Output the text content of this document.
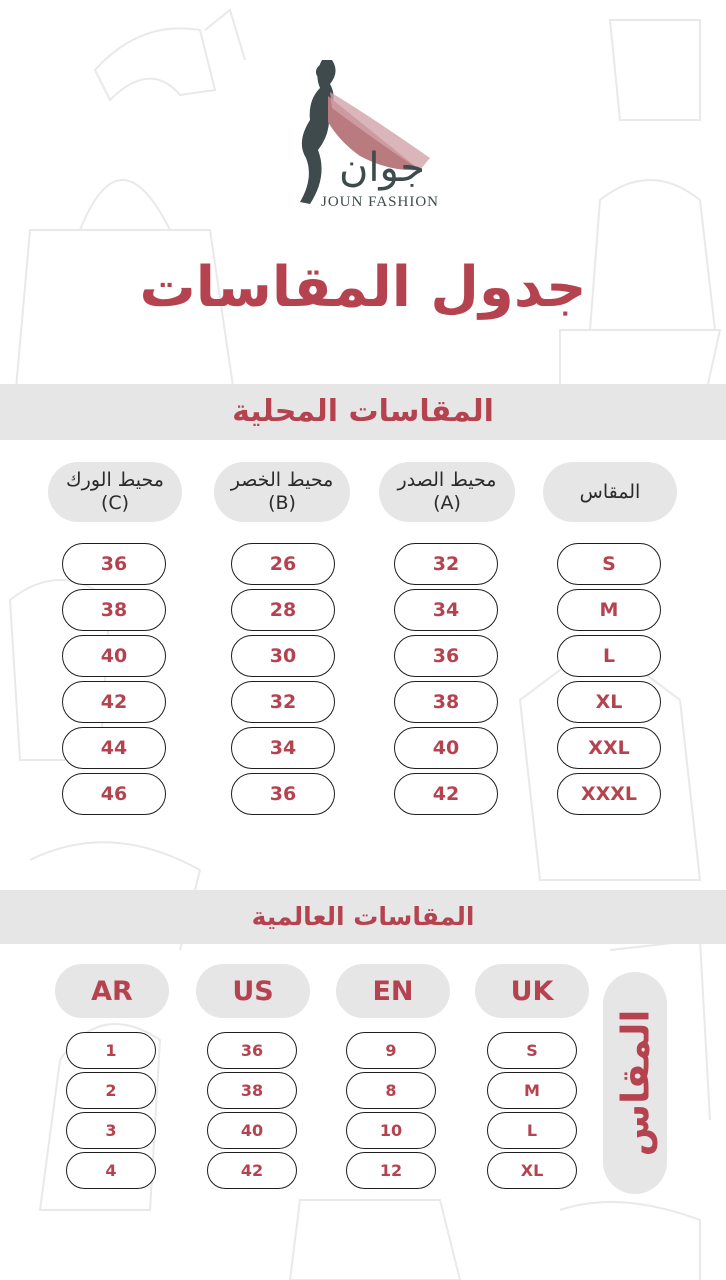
جوان
JOUN FASHION
جدول المقاسات
المقاسات المحلية
المقاس
محيط الصدر
(A)
محيط الخصر
(B)
محيط الورك
(C)
S
M
L
XL
XXL
XXXL
32
34
36
38
40
42
26
28
30
32
34
36
36
38
40
42
44
46
المقاسات العالمية
المقاس
UK
EN
US
AR
S
M
L
XL
9
8
10
12
36
38
40
42
1
2
3
4
